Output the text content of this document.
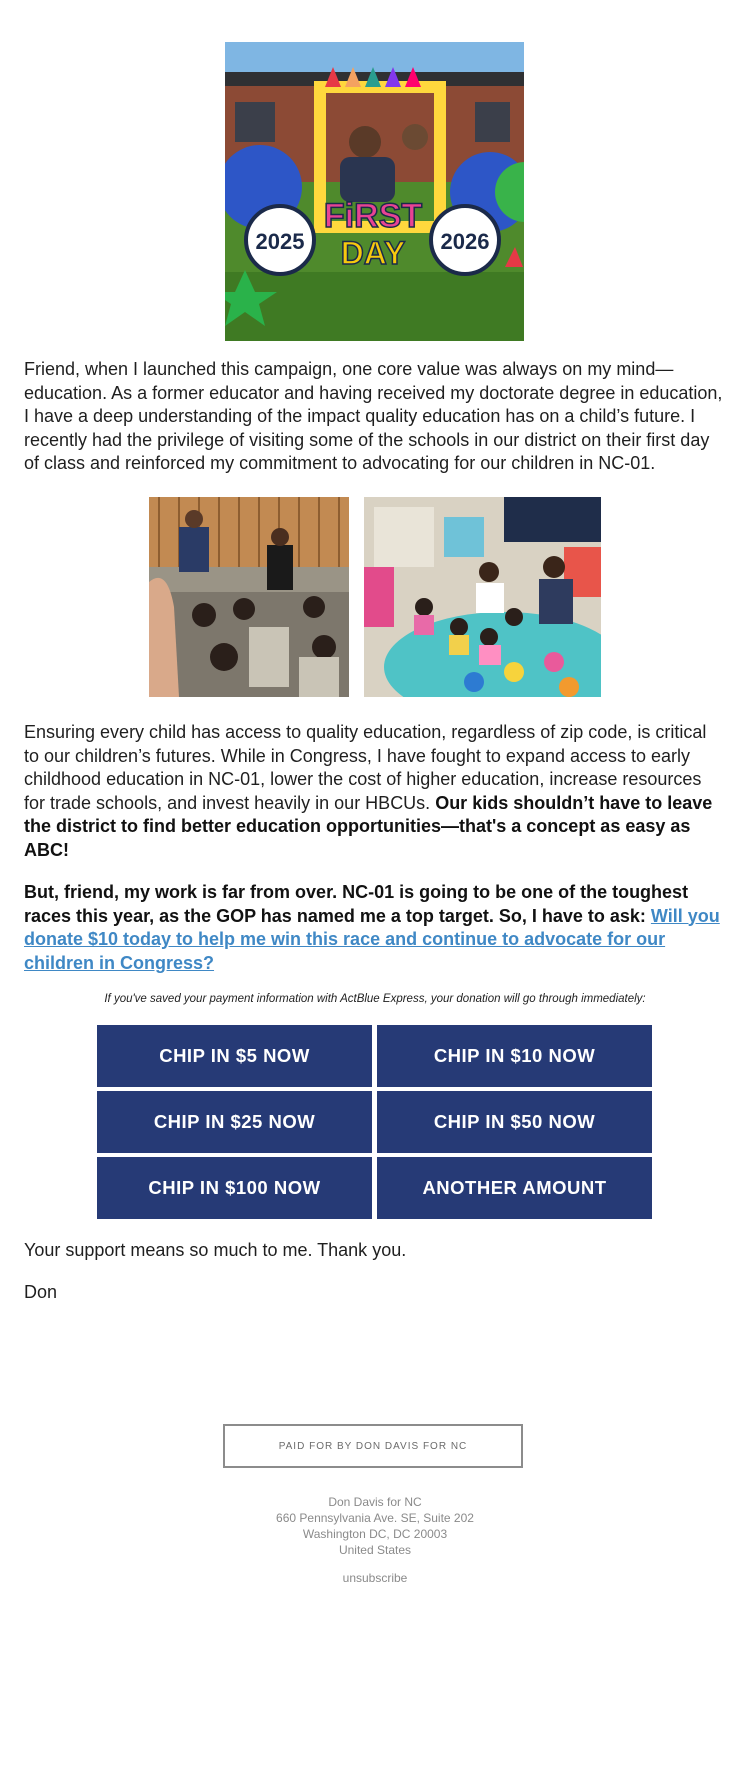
2025	2026
FiRST
DAY

Friend, when I launched this campaign, one core value was always on my mind—education. As a former educator and having received my doctorate degree in education, I have a deep understanding of the impact quality education has on a child’s future. I recently had the privilege of visiting some of the schools in our district on their first day of class and reinforced my commitment to advocating for our children in NC-01.

Ensuring every child has access to quality education, regardless of zip code, is critical to our children’s futures. While in Congress, I have fought to expand access to early childhood education in NC-01, lower the cost of higher education, increase resources for trade schools, and invest heavily in our HBCUs. Our kids shouldn’t have to leave the district to find better education opportunities—that's a concept as easy as ABC!

But, friend, my work is far from over. NC-01 is going to be one of the toughest races this year, as the GOP has named me a top target. So, I have to ask: Will you donate $10 today to help me win this race and continue to advocate for our children in Congress?

If you've saved your payment information with ActBlue Express, your donation will go through immediately:
CHIP IN $5 NOW	CHIP IN $10 NOW
CHIP IN $25 NOW	CHIP IN $50 NOW
CHIP IN $100 NOW	ANOTHER AMOUNT
Your support means so much to me. Thank you.
Don
PAID FOR BY DON DAVIS FOR NC
Don Davis for NC
660 Pennsylvania Ave. SE, Suite 202
Washington DC, DC 20003
United States
unsubscribe
